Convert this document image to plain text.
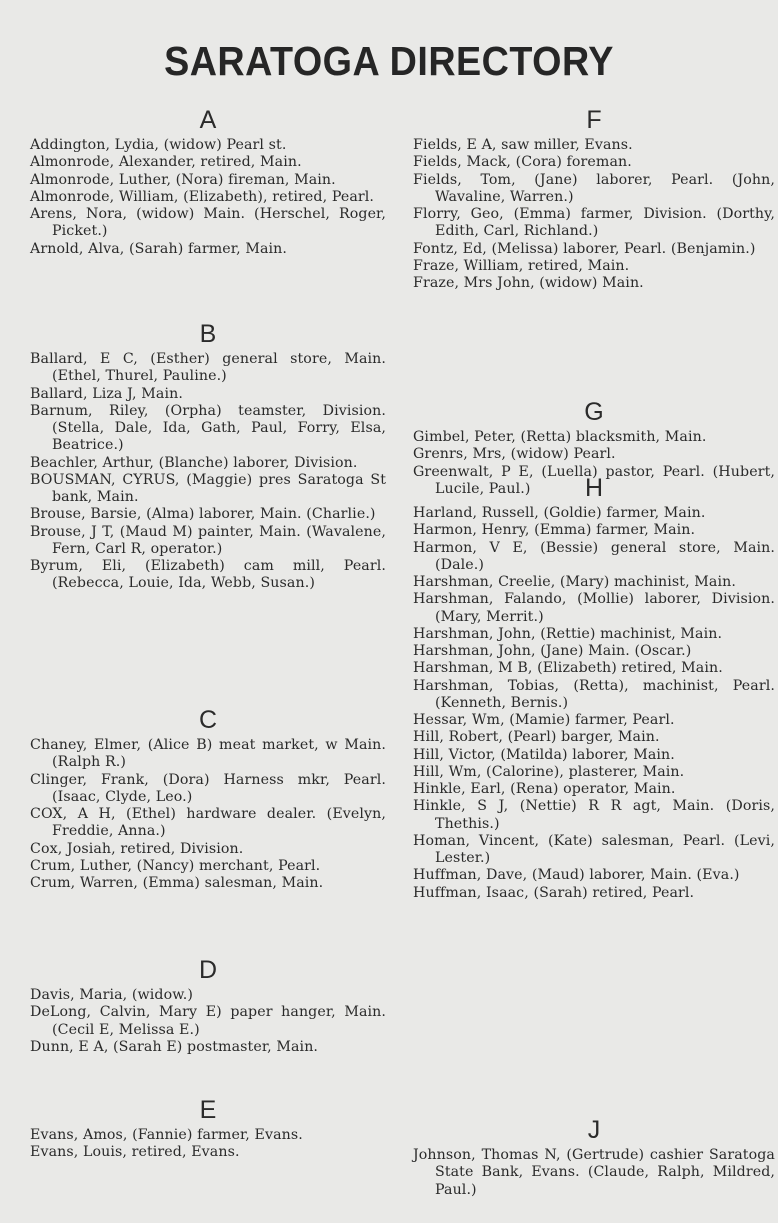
SARATOGA DIRECTORY
A
Addington, Lydia, (widow) Pearl st.
Almonrode, Alexander, retired, Main.
Almonrode, Luther, (Nora) fireman, Main.
Almonrode, William, (Elizabeth), retired, Pearl.
Arens, Nora, (widow) Main. (Herschel, Roger, Picket.)
Arnold, Alva, (Sarah) farmer, Main.
B
Ballard, E C, (Esther) general store, Main. (Ethel, Thurel, Pauline.)
Ballard, Liza J, Main.
Barnum, Riley, (Orpha) teamster, Division. (Stella, Dale, Ida, Gath, Paul, Forry, Elsa, Beatrice.)
Beachler, Arthur, (Blanche) laborer, Division.
BOUSMAN, CYRUS, (Maggie) pres Saratoga St bank, Main.
Brouse, Barsie, (Alma) laborer, Main. (Charlie.)
Brouse, J T, (Maud M) painter, Main. (Wavalene, Fern, Carl R, operator.)
Byrum, Eli, (Elizabeth) cam mill, Pearl. (Rebecca, Louie, Ida, Webb, Susan.)
C
Chaney, Elmer, (Alice B) meat market, w Main. (Ralph R.)
Clinger, Frank, (Dora) Harness mkr, Pearl. (Isaac, Clyde, Leo.)
COX, A H, (Ethel) hardware dealer. (Evelyn, Freddie, Anna.)
Cox, Josiah, retired, Division.
Crum, Luther, (Nancy) merchant, Pearl.
Crum, Warren, (Emma) salesman, Main.
D
Davis, Maria, (widow.)
DeLong, Calvin, Mary E) paper hanger, Main. (Cecil E, Melissa E.)
Dunn, E A, (Sarah E) postmaster, Main.
E
Evans, Amos, (Fannie) farmer, Evans.
Evans, Louis, retired, Evans.
F
Fields, E A, saw miller, Evans.
Fields, Mack, (Cora) foreman.
Fields, Tom, (Jane) laborer, Pearl. (John, Wavaline, Warren.)
Florry, Geo, (Emma) farmer, Division. (Dorthy, Edith, Carl, Richland.)
Fontz, Ed, (Melissa) laborer, Pearl. (Benjamin.)
Fraze, William, retired, Main.
Fraze, Mrs John, (widow) Main.
G
Gimbel, Peter, (Retta) blacksmith, Main.
Grenrs, Mrs, (widow) Pearl.
Greenwalt, P E, (Luella) pastor, Pearl. (Hubert, Lucile, Paul.)	H
Harland, Russell, (Goldie) farmer, Main.
Harmon, Henry, (Emma) farmer, Main.
Harmon, V E, (Bessie) general store, Main. (Dale.)
Harshman, Creelie, (Mary) machinist, Main.
Harshman, Falando, (Mollie) laborer, Division. (Mary, Merrit.)
Harshman, John, (Rettie) machinist, Main.
Harshman, John, (Jane) Main. (Oscar.)
Harshman, M B, (Elizabeth) retired, Main.
Harshman, Tobias, (Retta), machinist, Pearl. (Kenneth, Bernis.)
Hessar, Wm, (Mamie) farmer, Pearl.
Hill, Robert, (Pearl) barger, Main.
Hill, Victor, (Matilda) laborer, Main.
Hill, Wm, (Calorine), plasterer, Main.
Hinkle, Earl, (Rena) operator, Main.
Hinkle, S J, (Nettie) R R agt, Main. (Doris, Thethis.)
Homan, Vincent, (Kate) salesman, Pearl. (Levi, Lester.)
Huffman, Dave, (Maud) laborer, Main. (Eva.)
Huffman, Isaac, (Sarah) retired, Pearl.
J
Johnson, Thomas N, (Gertrude) cashier Saratoga State Bank, Evans. (Claude, Ralph, Mildred, Paul.)
